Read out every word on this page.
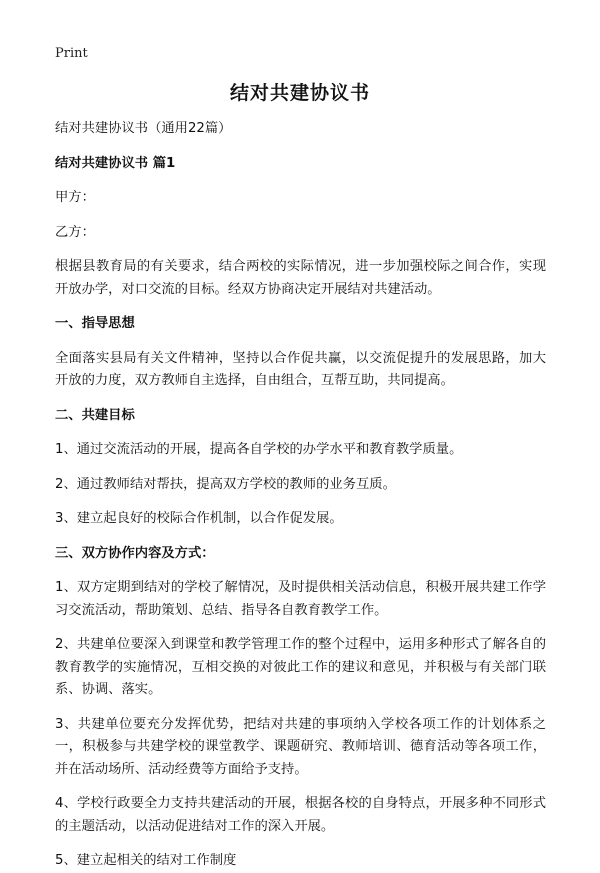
Print
结对共建协议书

结对共建协议书（通用22篇）

结对共建协议书 篇1

甲方：

乙方：

根据县教育局的有关要求，结合两校的实际情况，进一步加强校际之间合作，实现开放办学，对口交流的目标。经双方协商决定开展结对共建活动。

一、指导思想

全面落实县局有关文件精神，坚持以合作促共赢，以交流促提升的发展思路，加大开放的力度，双方教师自主选择，自由组合，互帮互助，共同提高。

二、共建目标

1、通过交流活动的开展，提高各自学校的办学水平和教育教学质量。

2、通过教师结对帮扶，提高双方学校的教师的业务互质。

3、建立起良好的校际合作机制，以合作促发展。

三、双方协作内容及方式：

1、双方定期到结对的学校了解情况，及时提供相关活动信息，积极开展共建工作学习交流活动，帮助策划、总结、指导各自教育教学工作。

2、共建单位要深入到课堂和教学管理工作的整个过程中，运用多种形式了解各自的教育教学的实施情况，互相交换的对彼此工作的建议和意见，并积极与有关部门联系、协调、落实。

3、共建单位要充分发挥优势，把结对共建的事项纳入学校各项工作的计划体系之一，积极参与共建学校的课堂教学、课题研究、教师培训、德育活动等各项工作，并在活动场所、活动经费等方面给予支持。

4、学校行政要全力支持共建活动的开展，根据各校的自身特点，开展多种不同形式的主题活动，以活动促进结对工作的深入开展。

5、建立起相关的结对工作制度
